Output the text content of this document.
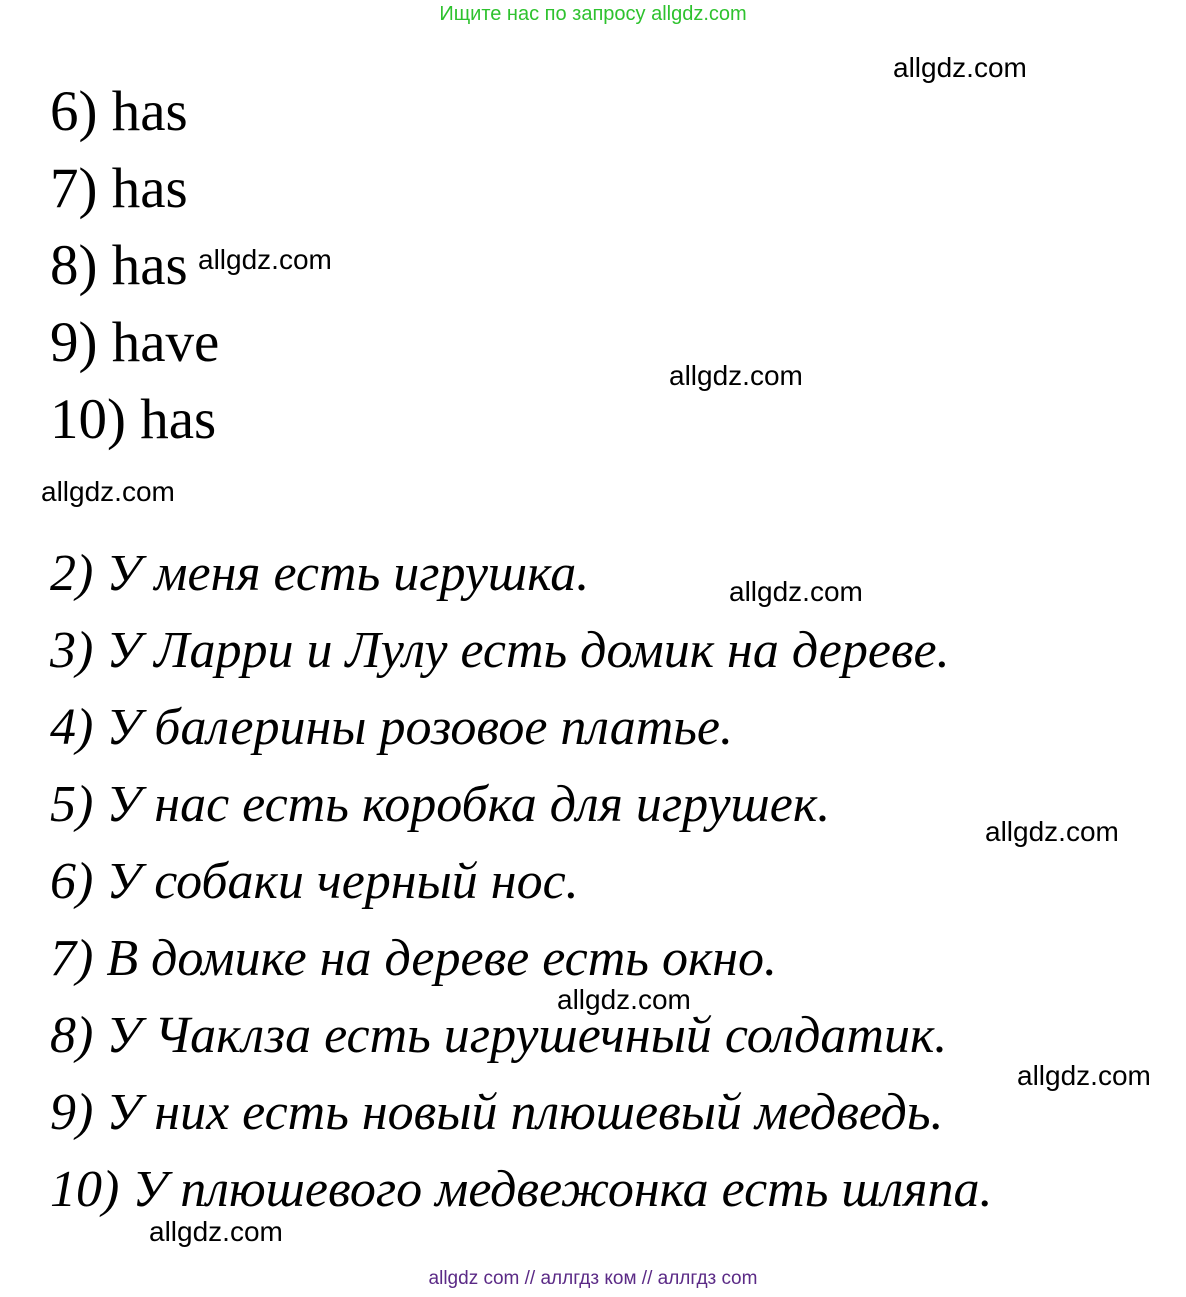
Ищите нас по запросу allgdz.com
6) has
7) has
8) has
9) have
10) has
2) У меня есть игрушка.
3) У Ларри и Лулу есть домик на дереве.
4) У балерины розовое платье.
5) У нас есть коробка для игрушек.
6) У собаки черный нос.
7) В домике на дереве есть окно.
8) У Чаклза есть игрушечный солдатик.
9) У них есть новый плюшевый медведь.
10) У плюшевого медвежонка есть шляпа.
allgdz.com
allgdz.com
allgdz.com
allgdz.com
allgdz.com
allgdz.com
allgdz.com
allgdz.com
allgdz.com
allgdz com // аллгдз ком // аллгдз com
